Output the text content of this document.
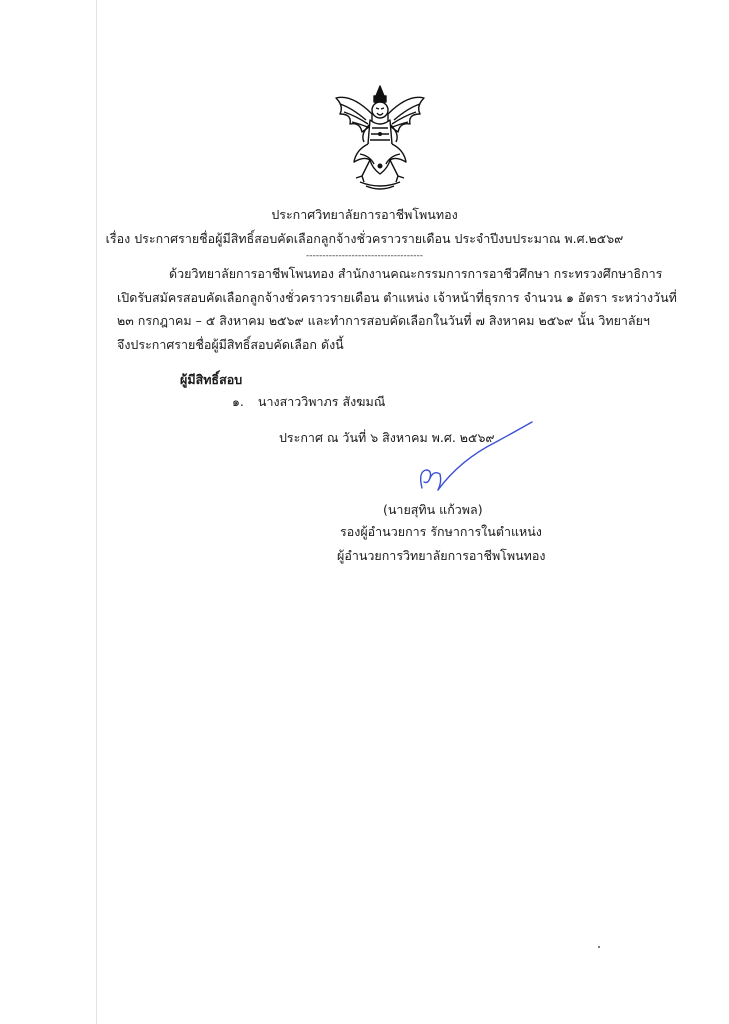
ประกาศวิทยาลัยการอาชีพโพนทอง
เรื่อง ประกาศรายชื่อผู้มีสิทธิ์สอบคัดเลือกลูกจ้างชั่วคราวรายเดือน ประจำปีงบประมาณ พ.ศ.๒๕๖๙
------------------------------------
ด้วยวิทยาลัยการอาชีพโพนทอง สำนักงานคณะกรรมการการอาชีวศึกษา กระทรวงศึกษาธิการ
เปิดรับสมัครสอบคัดเลือกลูกจ้างชั่วคราวรายเดือน ตำแหน่ง เจ้าหน้าที่ธุรการ จำนวน ๑ อัตรา ระหว่างวันที่
๒๓ กรกฎาคม – ๕ สิงหาคม ๒๕๖๙ และทำการสอบคัดเลือกในวันที่ ๗ สิงหาคม ๒๕๖๙ นั้น วิทยาลัยฯ
จึงประกาศรายชื่อผู้มีสิทธิ์สอบคัดเลือก ดังนี้
ผู้มีสิทธิ์สอบ
๑. นางสาววิพาภร สังฆมณี
ประกาศ ณ วันที่ ๖ สิงหาคม พ.ศ. ๒๕๖๙
(นายสุทิน แก้วพล)
รองผู้อำนวยการ รักษาการในตำแหน่ง
ผู้อำนวยการวิทยาลัยการอาชีพโพนทอง
